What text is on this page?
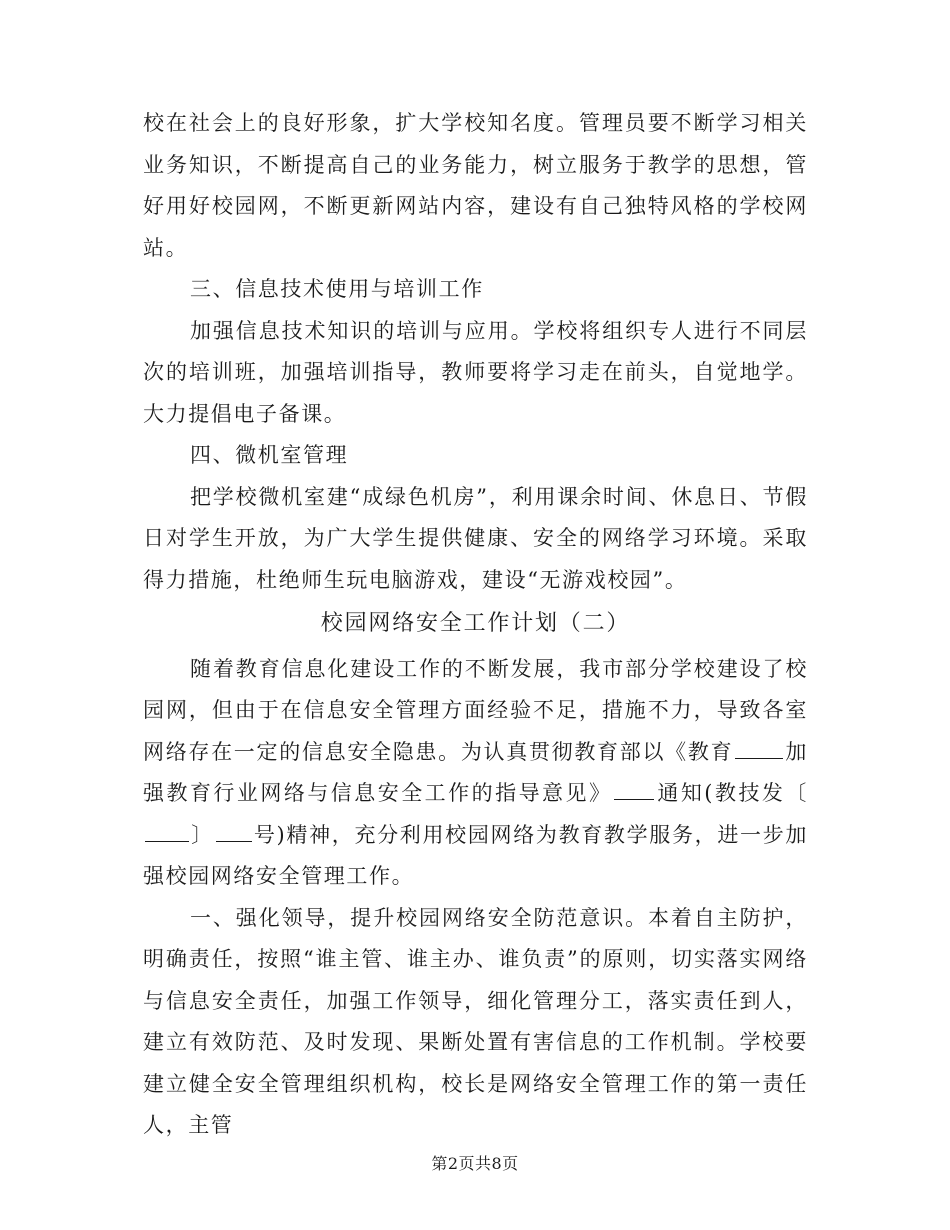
校在社会上的良好形象，扩大学校知名度。管理员要不断学习相关业务知识，不断提高自己的业务能力，树立服务于教学的思想，管好用好校园网，不断更新网站内容，建设有自己独特风格的学校网站。

三、信息技术使用与培训工作

加强信息技术知识的培训与应用。学校将组织专人进行不同层次的培训班，加强培训指导，教师要将学习走在前头，自觉地学。大力提倡电子备课。

四、微机室管理

把学校微机室建“成绿色机房”，利用课余时间、休息日、节假日对学生开放，为广大学生提供健康、安全的网络学习环境。采取得力措施，杜绝师生玩电脑游戏，建设“无游戏校园”。

校园网络安全工作计划（二）

随着教育信息化建设工作的不断发展，我市部分学校建设了校园网，但由于在信息安全管理方面经验不足，措施不力，导致各室网络存在一定的信息安全隐患。为认真贯彻教育部以《教育 加强教育行业网络与信息安全工作的指导意见》 通知(教技发〔〕 号)精神，充分利用校园网络为教育教学服务，进一步加强校园网络安全管理工作。

一、强化领导，提升校园网络安全防范意识。本着自主防护，明确责任，按照“谁主管、谁主办、谁负责”的原则，切实落实网络与信息安全责任，加强工作领导，细化管理分工，落实责任到人，建立有效防范、及时发现、果断处置有害信息的工作机制。学校要建立健全安全管理组织机构，校长是网络安全管理工作的第一责任人，主管

第2页共8页
